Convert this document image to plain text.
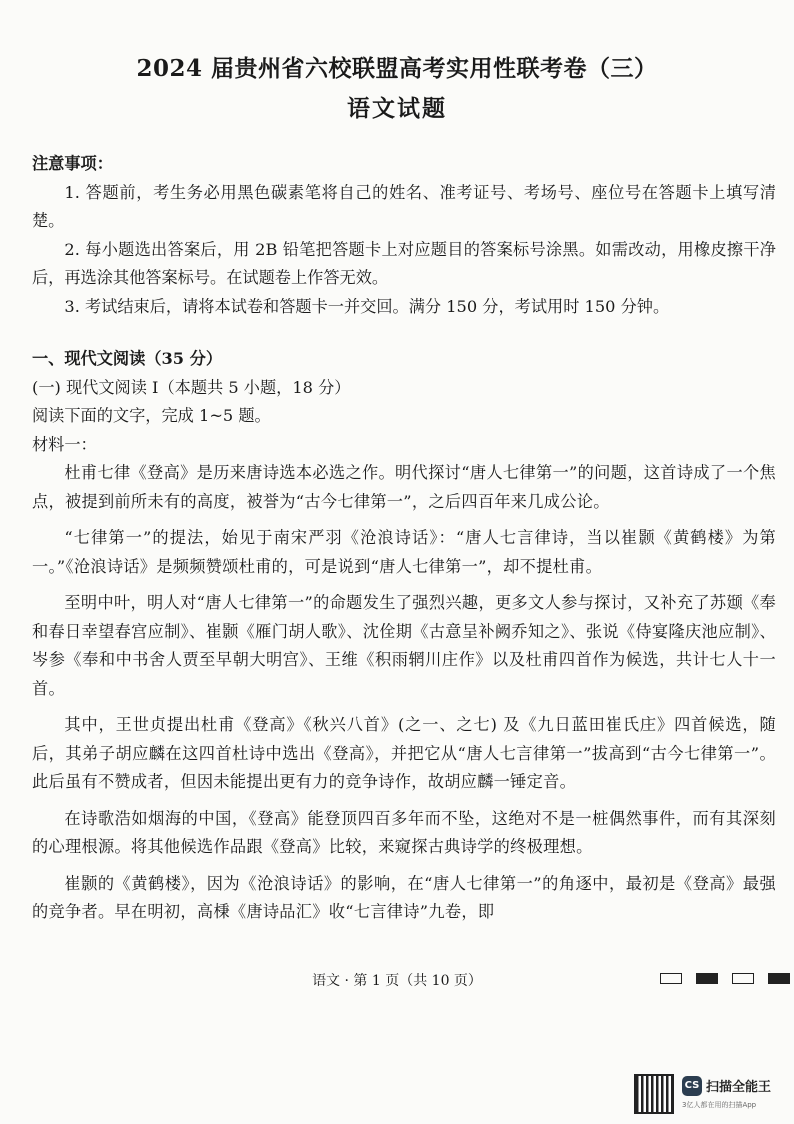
2024 届贵州省六校联盟高考实用性联考卷（三）
语文试题
注意事项：

1. 答题前，考生务必用黑色碳素笔将自己的姓名、准考证号、考场号、座位号在答题卡上填写清楚。

2. 每小题选出答案后，用 2B 铅笔把答题卡上对应题目的答案标号涂黑。如需改动，用橡皮擦干净后，再选涂其他答案标号。在试题卷上作答无效。

3. 考试结束后，请将本试卷和答题卡一并交回。满分 150 分，考试用时 150 分钟。

一、现代文阅读（35 分）
(一) 现代文阅读 I（本题共 5 小题，18 分）
阅读下面的文字，完成 1~5 题。
材料一：

杜甫七律《登高》是历来唐诗选本必选之作。明代探讨“唐人七律第一”的问题，这首诗成了一个焦点，被提到前所未有的高度，被誉为“古今七律第一”，之后四百年来几成公论。

“七律第一”的提法，始见于南宋严羽《沧浪诗话》：“唐人七言律诗，当以崔颢《黄鹤楼》为第一。”《沧浪诗话》是频频赞颂杜甫的，可是说到“唐人七律第一”，却不提杜甫。

至明中叶，明人对“唐人七律第一”的命题发生了强烈兴趣，更多文人参与探讨，又补充了苏颋《奉和春日幸望春宫应制》、崔颢《雁门胡人歌》、沈佺期《古意呈补阙乔知之》、张说《侍宴隆庆池应制》、岑参《奉和中书舍人贾至早朝大明宫》、王维《积雨辋川庄作》以及杜甫四首作为候选，共计七人十一首。

其中，王世贞提出杜甫《登高》《秋兴八首》(之一、之七) 及《九日蓝田崔氏庄》四首候选，随后，其弟子胡应麟在这四首杜诗中选出《登高》，并把它从“唐人七言律第一”拔高到“古今七律第一”。此后虽有不赞成者，但因未能提出更有力的竞争诗作，故胡应麟一锤定音。

在诗歌浩如烟海的中国，《登高》能登顶四百多年而不坠，这绝对不是一桩偶然事件，而有其深刻的心理根源。将其他候选作品跟《登高》比较，来窥探古典诗学的终极理想。

崔颢的《黄鹤楼》，因为《沧浪诗话》的影响，在“唐人七律第一”的角逐中，最初是《登高》最强的竞争者。早在明初，高棅《唐诗品汇》收“七言律诗”九卷，即

语文 · 第 1 页（共 10 页）
CS 扫描全能王
3亿人都在用的扫描App
